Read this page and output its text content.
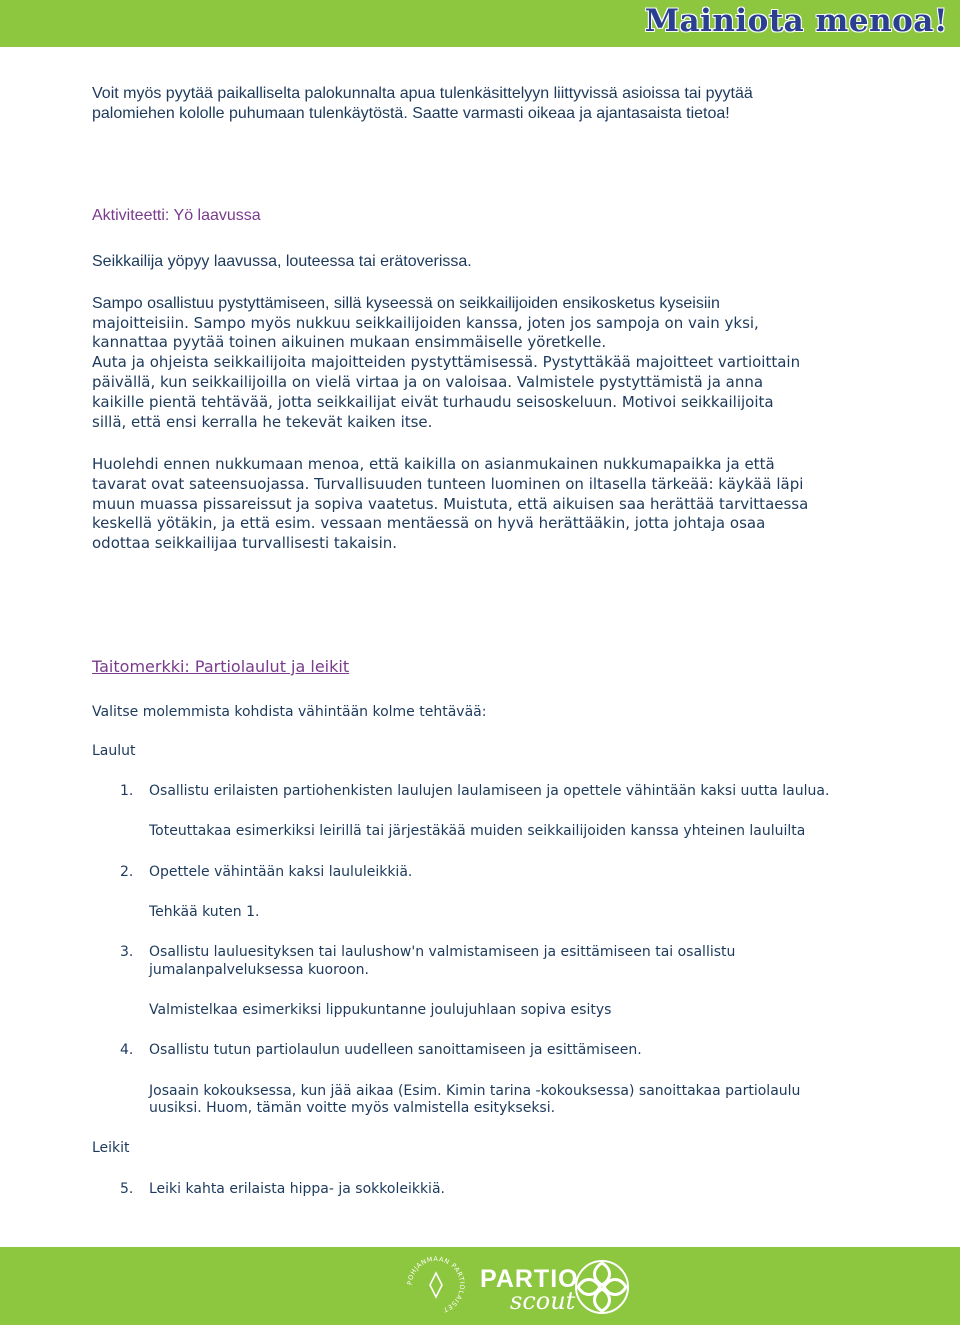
Mainiota menoa!

Voit myös pyytää paikalliselta palokunnalta apua tulenkäsittelyyn liittyvissä asioissa tai pyytää

palomiehen kololle puhumaan tulenkäytöstä. Saatte varmasti oikeaa ja ajantasaista tietoa!

Aktiviteetti: Yö laavussa

Seikkailija yöpyy laavussa, louteessa tai erätoverissa.

Sampo osallistuu pystyttämiseen, sillä kyseessä on seikkailijoiden ensikosketus kyseisiin

majoitteisiin. Sampo myös nukkuu seikkailijoiden kanssa, joten jos sampoja on vain yksi,

kannattaa pyytää toinen aikuinen mukaan ensimmäiselle yöretkelle.

Auta ja ohjeista seikkailijoita majoitteiden pystyttämisessä. Pystyttäkää majoitteet vartioittain

päivällä, kun seikkailijoilla on vielä virtaa ja on valoisaa. Valmistele pystyttämistä ja anna

kaikille pientä tehtävää, jotta seikkailijat eivät turhaudu seisoskeluun. Motivoi seikkailijoita

sillä, että ensi kerralla he tekevät kaiken itse.

Huolehdi ennen nukkumaan menoa, että kaikilla on asianmukainen nukkumapaikka ja että

tavarat ovat sateensuojassa. Turvallisuuden tunteen luominen on iltasella tärkeää: käykää läpi

muun muassa pissareissut ja sopiva vaatetus. Muistuta, että aikuisen saa herättää tarvittaessa

keskellä yötäkin, ja että esim. vessaan mentäessä on hyvä herättääkin, jotta johtaja osaa

odottaa seikkailijaa turvallisesti takaisin.

Taitomerkki: Partiolaulut ja leikit

Valitse molemmista kohdista vähintään kolme tehtävää:

Laulut

1. Osallistu erilaisten partiohenkisten laulujen laulamiseen ja opettele vähintään kaksi uutta laulua.
Toteuttakaa esimerkiksi leirillä tai järjestäkää muiden seikkailijoiden kanssa yhteinen lauluilta
2. Opettele vähintään kaksi laululeikkiä.
Tehkää kuten 1.
3. Osallistu lauluesityksen tai laulushow'n valmistamiseen ja esittämiseen tai osallistu
jumalanpalveluksessa kuoroon.
Valmistelkaa esimerkiksi lippukuntanne joulujuhlaan sopiva esitys
4. Osallistu tutun partiolaulun uudelleen sanoittamiseen ja esittämiseen.
Josaain kokouksessa, kun jää aikaa (Esim. Kimin tarina -kokouksessa) sanoittakaa partiolaulu
uusiksi. Huom, tämän voitte myös valmistella esitykseksi.

Leikit

5. Leiki kahta erilaista hippa- ja sokkoleikkiä.
POHJANMAAN PARTIOLAISET
PARTIO
scout
